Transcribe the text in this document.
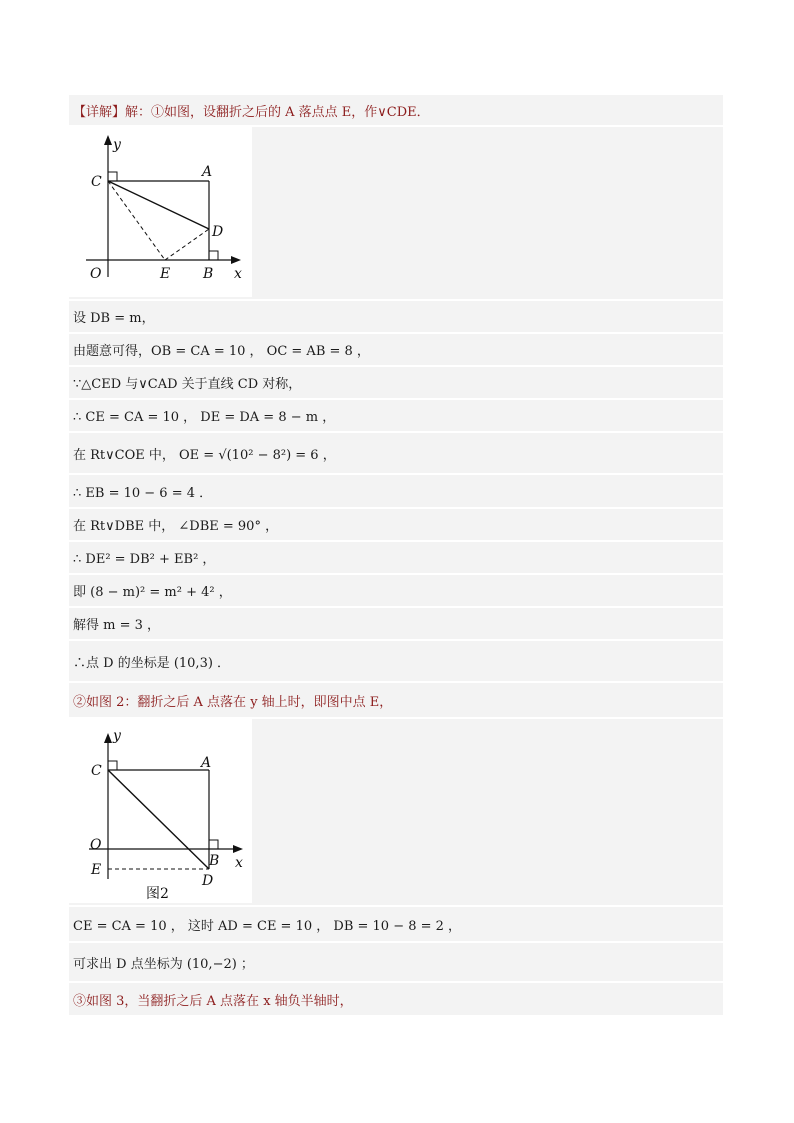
【详解】解：①如图，设翻折之后的 A 落点点 E，作∨CDE．
y
x
C
A
D
O	E B
设 DB = m，
由题意可得，OB = CA = 10 ， OC = AB = 8 ，
∵△CED 与∨CAD 关于直线 CD 对称，
∴ CE = CA = 10 ， DE = DA = 8 − m ，
在 Rt∨COE 中， OE = √(10² − 8²) = 6 ，
∴ EB = 10 − 6 = 4 ．
在 Rt∨DBE 中， ∠DBE = 90° ，
∴ DE² = DB² + EB² ，
即 (8 − m)² = m² + 4² ，
解得 m = 3 ，
∴点 D 的坐标是 (10,3) ．
②如图 2：翻折之后 A 点落在 y 轴上时，即图中点 E，
y
x
C	A
O
B
E
D
图2
CE = CA = 10 ， 这时 AD = CE = 10 ， DB = 10 − 8 = 2 ，
可求出 D 点坐标为 (10,−2) ；
③如图 3，当翻折之后 A 点落在 x 轴负半轴时，
